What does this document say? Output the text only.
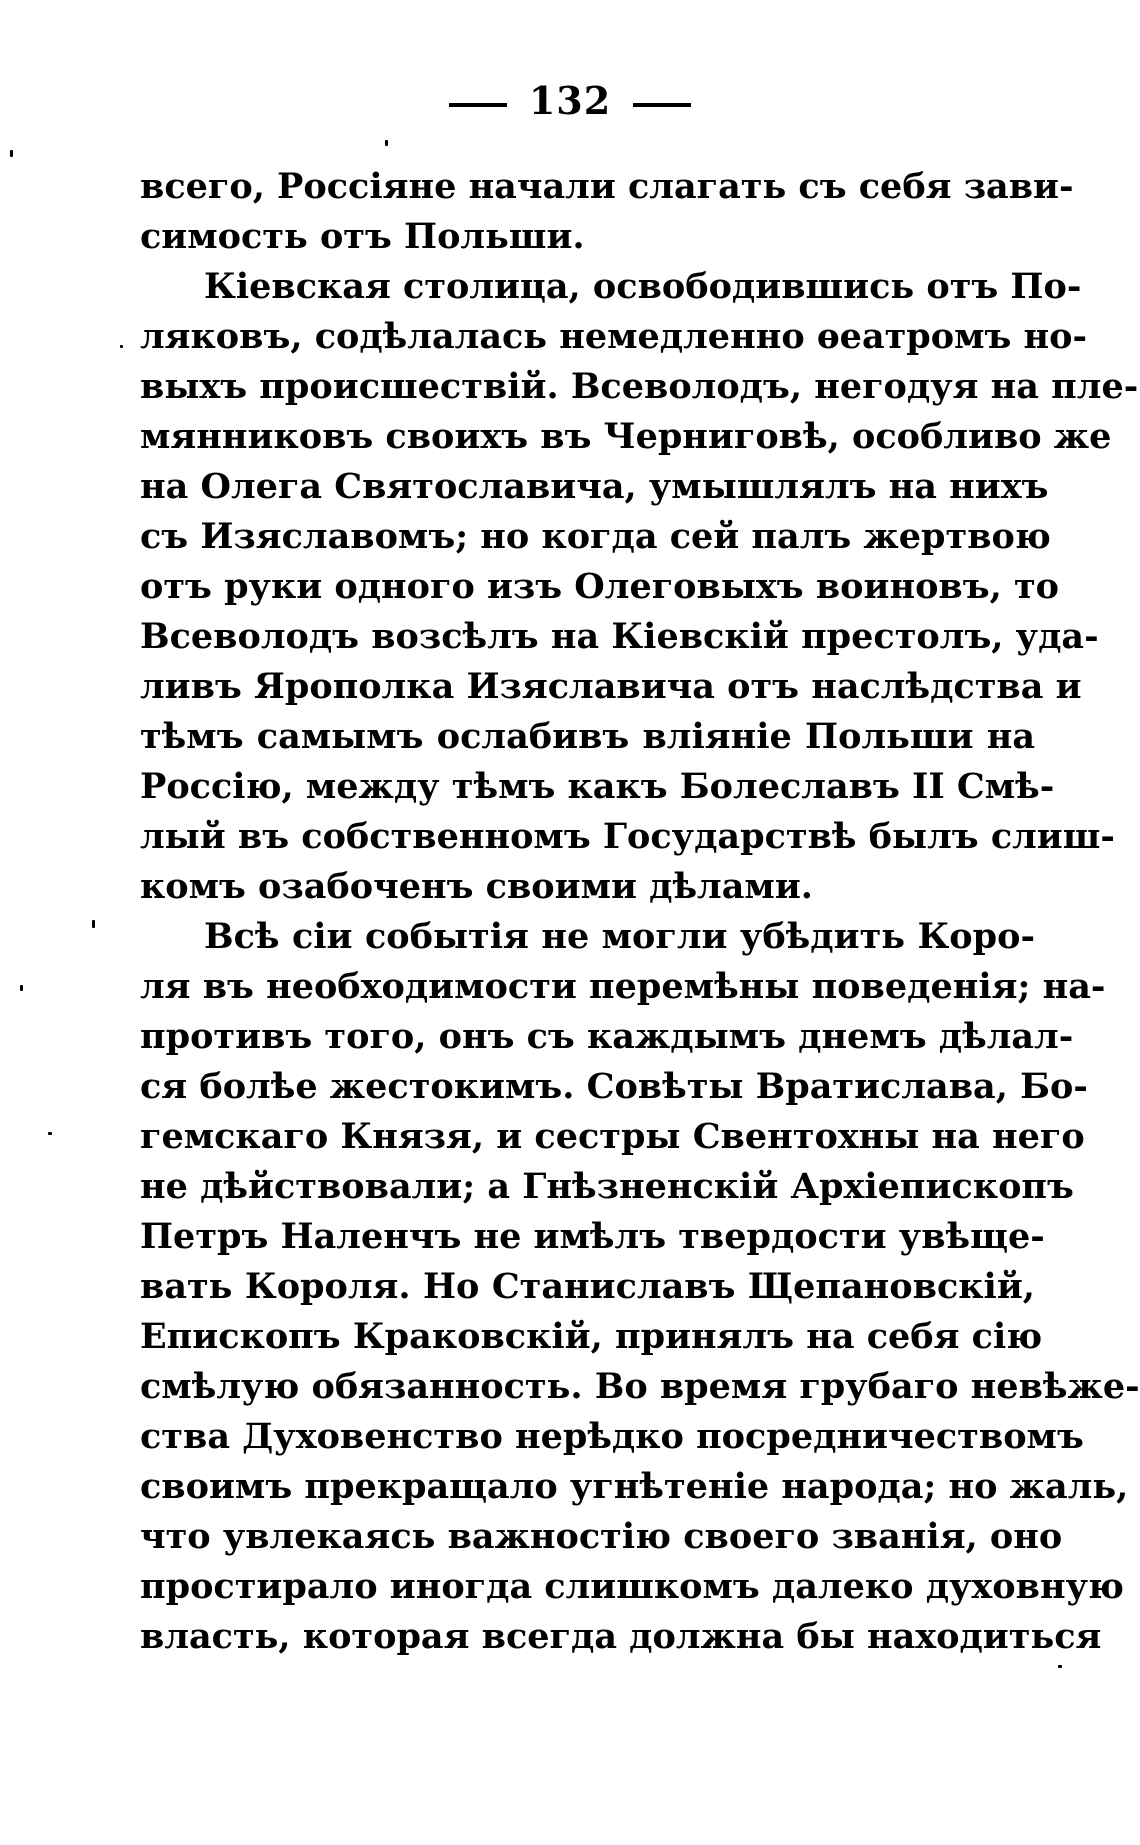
132
всего, Россіяне начали слагать съ себя зави-
симость отъ Польши.
Кіевская столица, освободившись отъ По-
ляковъ, содѣлалась немедленно ѳеатромъ но-
выхъ происшествій. Всеволодъ, негодуя на пле-
мянниковъ своихъ въ Черниговѣ, особливо же
на Олега Святославича, умышлялъ на нихъ
съ Изяславомъ; но когда сей палъ жертвою
отъ руки одного изъ Олеговыхъ воиновъ, то
Всеволодъ возсѣлъ на Кіевскій престолъ, уда-
ливъ Ярополка Изяславича отъ наслѣдства и
тѣмъ самымъ ослабивъ вліяніе Польши на
Россію, между тѣмъ какъ Болеславъ II Смѣ-
лый въ собственномъ Государствѣ былъ слиш-
комъ озабоченъ своими дѣлами.
Всѣ сіи событія не могли убѣдить Коро-
ля въ необходимости перемѣны поведенія; на-
противъ того, онъ съ каждымъ днемъ дѣлал-
ся болѣе жестокимъ. Совѣты Вратислава, Бо-
гемскаго Князя, и сестры Свентохны на него
не дѣйствовали; а Гнѣзненскій Архіепископъ
Петръ Наленчъ не имѣлъ твердости увѣще-
вать Короля. Но Станиславъ Щепановскій,
Епископъ Краковскій, принялъ на себя сію
смѣлую обязанность. Во время грубаго невѣже-
ства Духовенство нерѣдко посредничествомъ
своимъ прекращало угнѣтеніе народа; но жаль,
что увлекаясь важностію своего званія, оно
простирало иногда слишкомъ далеко духовную
власть, которая всегда должна бы находиться
